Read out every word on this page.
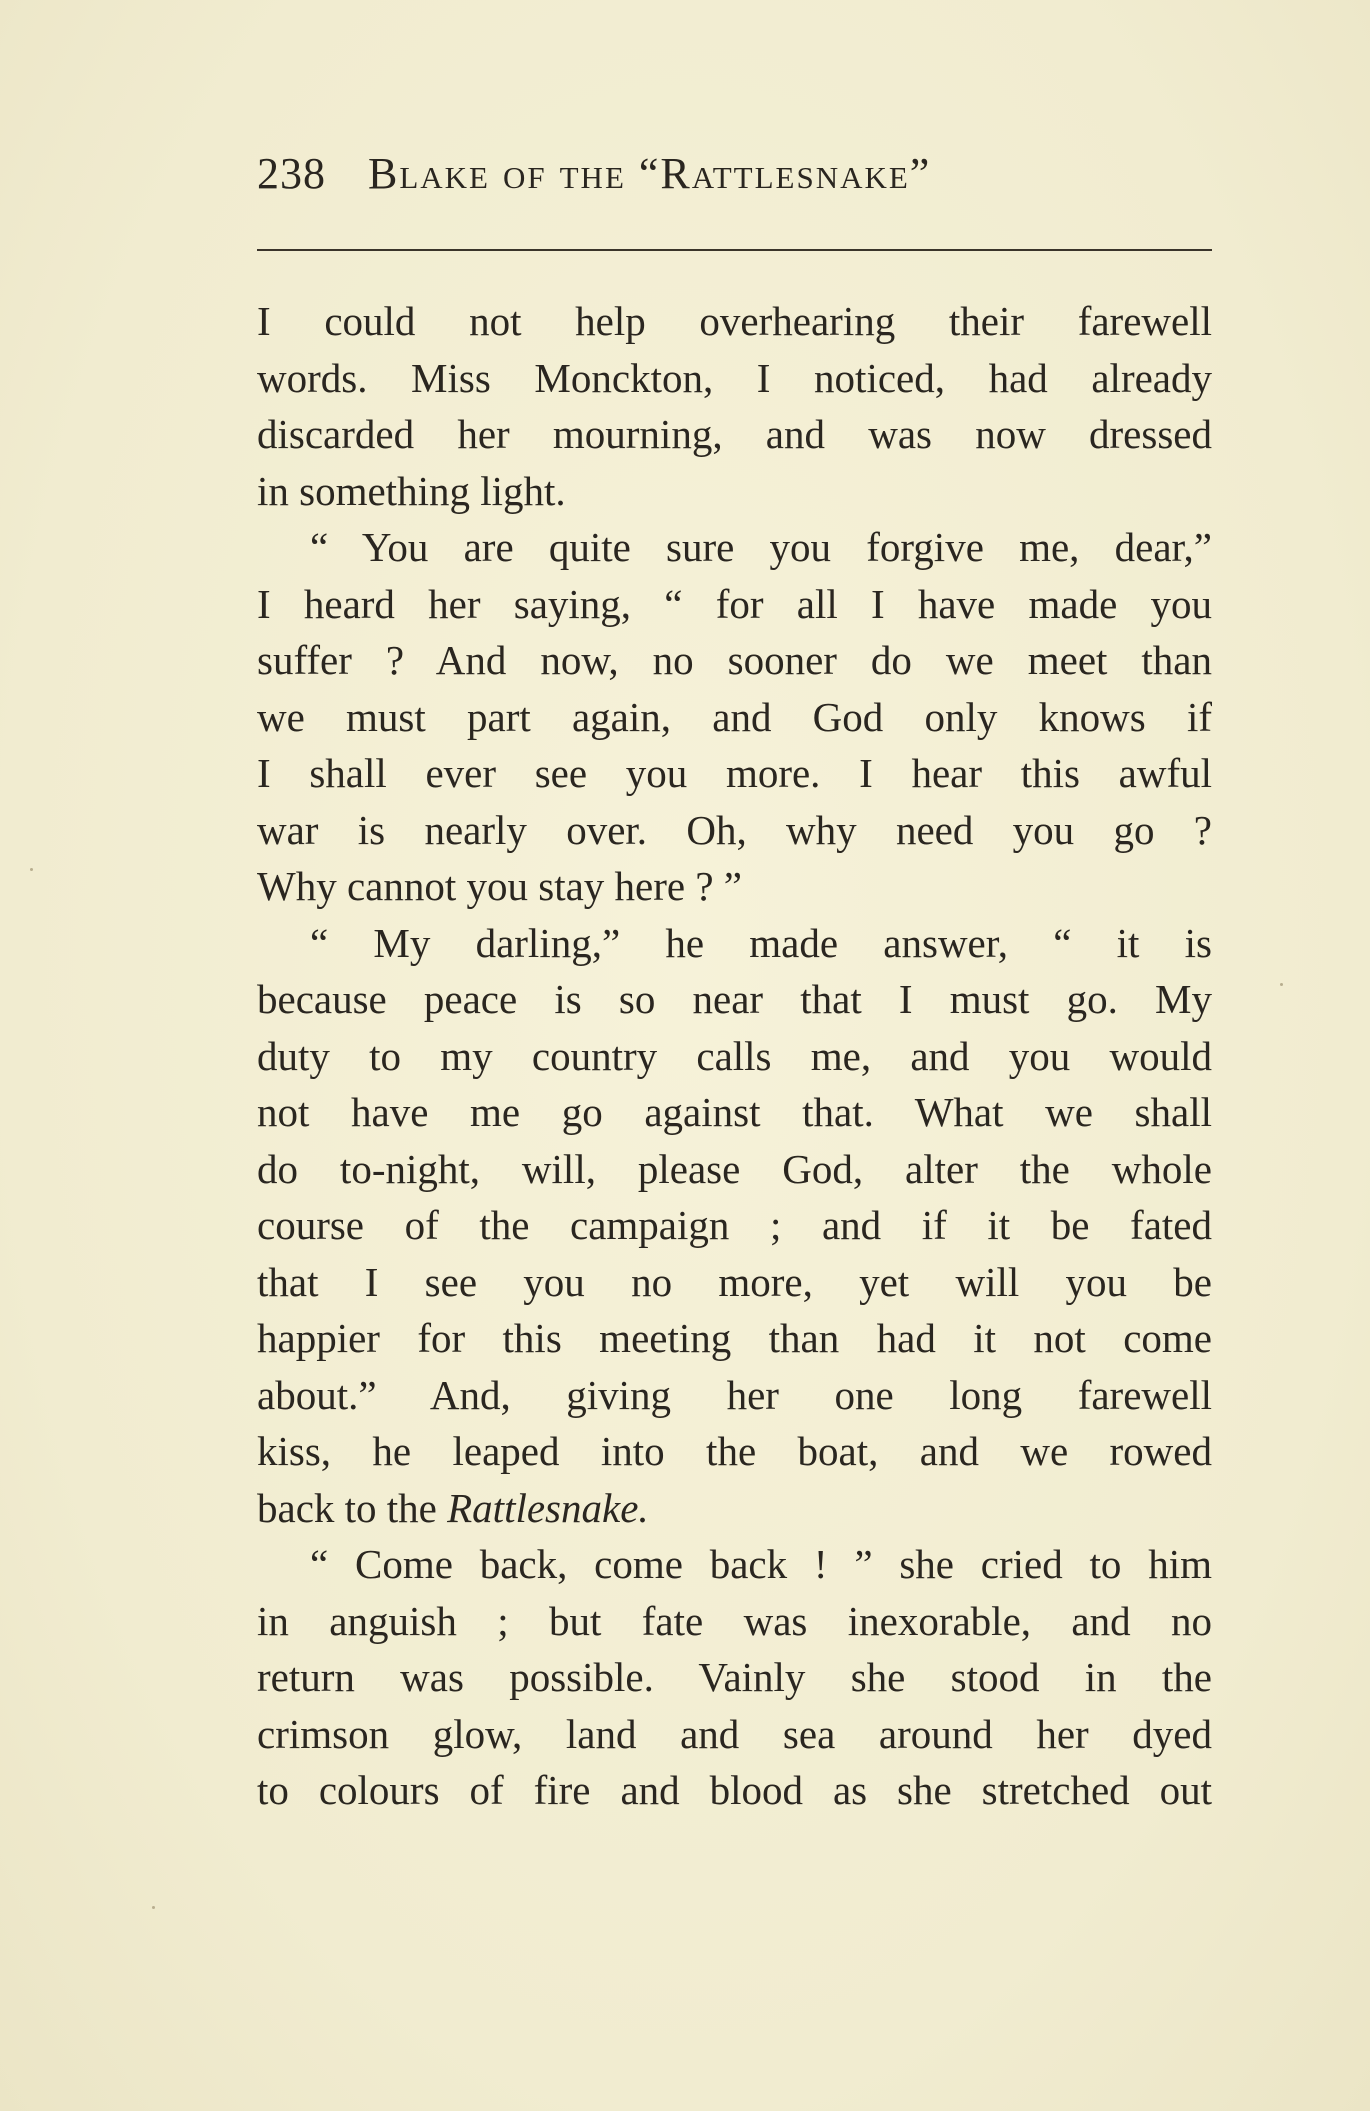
238 Blake of the “Rattlesnake”
I could not help overhearing their farewell
words. Miss Monckton, I noticed, had already
discarded her mourning, and was now dressed
in something light.
“ You are quite sure you forgive me, dear,”
I heard her saying, “ for all I have made you
suffer ? And now, no sooner do we meet than
we must part again, and God only knows if
I shall ever see you more. I hear this awful
war is nearly over. Oh, why need you go ?
Why cannot you stay here ? ”
“ My darling,” he made answer, “ it is
because peace is so near that I must go. My
duty to my country calls me, and you would
not have me go against that. What we shall
do to-night, will, please God, alter the whole
course of the campaign ; and if it be fated
that I see you no more, yet will you be
happier for this meeting than had it not come
about.” And, giving her one long farewell
kiss, he leaped into the boat, and we rowed
back to the Rattlesnake.
“ Come back, come back ! ” she cried to him
in anguish ; but fate was inexorable, and no
return was possible. Vainly she stood in the
crimson glow, land and sea around her dyed
to colours of fire and blood as she stretched out
